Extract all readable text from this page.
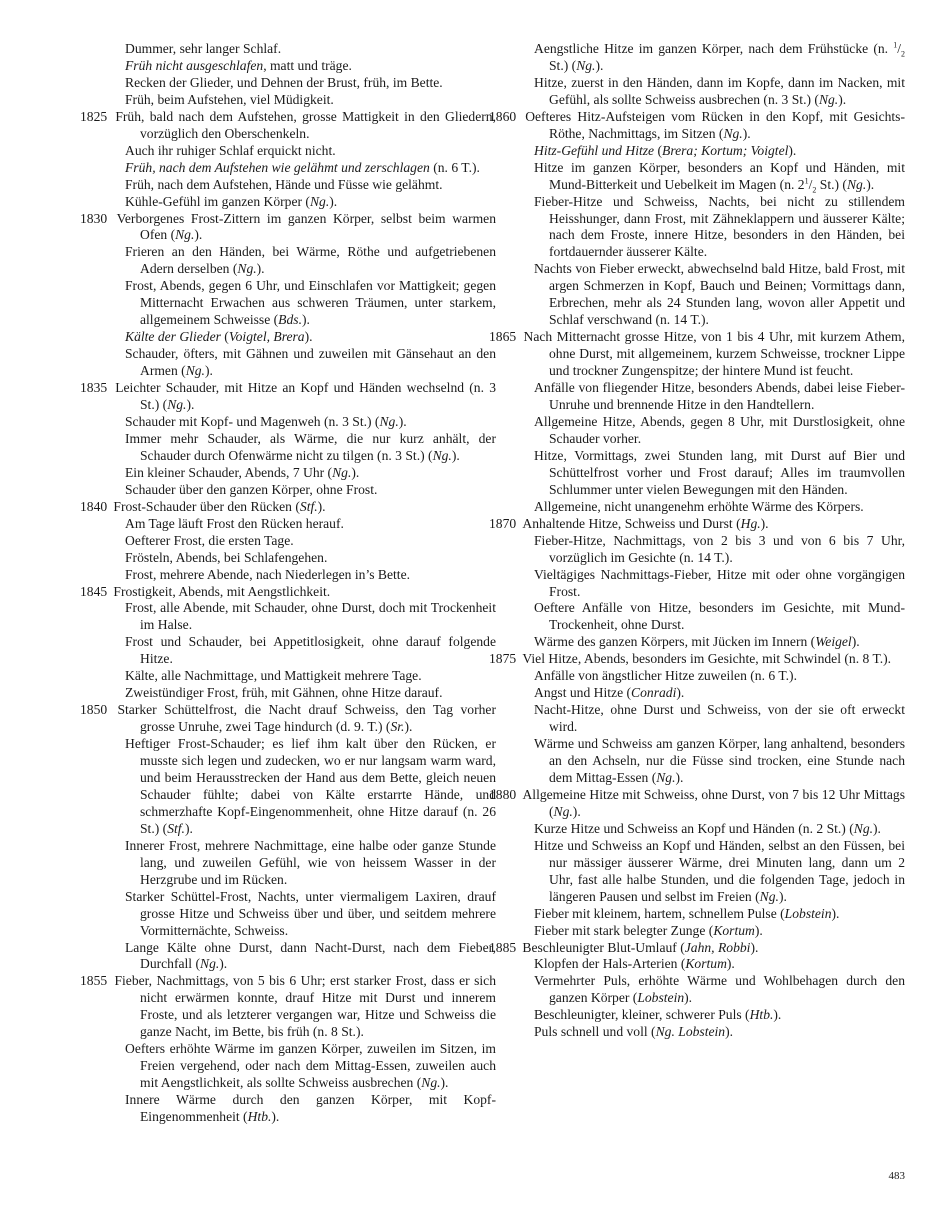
Dummer, sehr langer Schlaf.
Früh nicht ausgeschlafen, matt und träge.
Recken der Glieder, und Dehnen der Brust, früh, im Bette.
Früh, beim Aufstehen, viel Müdigkeit.
1825 Früh, bald nach dem Aufstehen, grosse Mattigkeit in den Gliedern, vorzüglich den Oberschenkeln.
Auch ihr ruhiger Schlaf erquickt nicht.
Früh, nach dem Aufstehen wie gelähmt und zerschlagen (n. 6 T.).
Früh, nach dem Aufstehen, Hände und Füsse wie gelähmt.
Kühle-Gefühl im ganzen Körper (Ng.).
1830 Verborgenes Frost-Zittern im ganzen Körper, selbst beim warmen Ofen (Ng.).
Frieren an den Händen, bei Wärme, Röthe und aufgetriebenen Adern derselben (Ng.).
Frost, Abends, gegen 6 Uhr, und Einschlafen vor Mattigkeit; gegen Mitternacht Erwachen aus schweren Träumen, unter starkem, allgemeinem Schweisse (Bds.).
Kälte der Glieder (Voigtel, Brera).
Schauder, öfters, mit Gähnen und zuweilen mit Gänsehaut an den Armen (Ng.).
1835 Leichter Schauder, mit Hitze an Kopf und Händen wechselnd (n. 3 St.) (Ng.).
Schauder mit Kopf- und Magenweh (n. 3 St.) (Ng.).
Immer mehr Schauder, als Wärme, die nur kurz anhält, der Schauder durch Ofenwärme nicht zu tilgen (n. 3 St.) (Ng.).
Ein kleiner Schauder, Abends, 7 Uhr (Ng.).
Schauder über den ganzen Körper, ohne Frost.
1840 Frost-Schauder über den Rücken (Stf.).
Am Tage läuft Frost den Rücken herauf.
Oefterer Frost, die ersten Tage.
Frösteln, Abends, bei Schlafengehen.
Frost, mehrere Abende, nach Niederlegen in’s Bette.
1845 Frostigkeit, Abends, mit Aengstlichkeit.
Frost, alle Abende, mit Schauder, ohne Durst, doch mit Trockenheit im Halse.
Frost und Schauder, bei Appetitlosigkeit, ohne darauf folgende Hitze.
Kälte, alle Nachmittage, und Mattigkeit mehrere Tage.
Zweistündiger Frost, früh, mit Gähnen, ohne Hitze darauf.
1850 Starker Schüttelfrost, die Nacht drauf Schweiss, den Tag vorher grosse Unruhe, zwei Tage hindurch (d. 9. T.) (Sr.).
Heftiger Frost-Schauder; es lief ihm kalt über den Rücken, er musste sich legen und zudecken, wo er nur langsam warm ward, und beim Herausstrecken der Hand aus dem Bette, gleich neuen Schauder fühlte; dabei von Kälte erstarrte Hände, und schmerzhafte Kopf-Eingenommenheit, ohne Hitze darauf (n. 26 St.) (Stf.).
Innerer Frost, mehrere Nachmittage, eine halbe oder ganze Stunde lang, und zuweilen Gefühl, wie von heissem Wasser in der Herzgrube und im Rücken.
Starker Schüttel-Frost, Nachts, unter viermaligem Laxiren, drauf grosse Hitze und Schweiss über und über, und seitdem mehrere Vormitternächte, Schweiss.
Lange Kälte ohne Durst, dann Nacht-Durst, nach dem Fieber, Durchfall (Ng.).
1855 Fieber, Nachmittags, von 5 bis 6 Uhr; erst starker Frost, dass er sich nicht erwärmen konnte, drauf Hitze mit Durst und innerem Froste, und als letzterer vergangen war, Hitze und Schweiss die ganze Nacht, im Bette, bis früh (n. 8 St.).
Oefters erhöhte Wärme im ganzen Körper, zuweilen im Sitzen, im Freien vergehend, oder nach dem Mittag-Essen, zuweilen auch mit Aengstlichkeit, als sollte Schweiss ausbrechen (Ng.).
Innere Wärme durch den ganzen Körper, mit Kopf-Eingenommenheit (Htb.).
Aengstliche Hitze im ganzen Körper, nach dem Frühstücke (n. $^1/_2$ St.) (Ng.).
Hitze, zuerst in den Händen, dann im Kopfe, dann im Nacken, mit Gefühl, als sollte Schweiss ausbrechen (n. 3 St.) (Ng.).
1860 Oefteres Hitz-Aufsteigen vom Rücken in den Kopf, mit Gesichts-Röthe, Nachmittags, im Sitzen (Ng.).
Hitz-Gefühl und Hitze (Brera; Kortum; Voigtel).
Hitze im ganzen Körper, besonders an Kopf und Händen, mit Mund-Bitterkeit und Uebelkeit im Magen (n. $2^1/_2$ St.) (Ng.).
Fieber-Hitze und Schweiss, Nachts, bei nicht zu stillendem Heisshunger, dann Frost, mit Zähneklappern und äusserer Kälte; nach dem Froste, innere Hitze, besonders in den Händen, bei fortdauernder äusserer Kälte.
Nachts von Fieber erweckt, abwechselnd bald Hitze, bald Frost, mit argen Schmerzen in Kopf, Bauch und Beinen; Vormittags dann, Erbrechen, mehr als 24 Stunden lang, wovon aller Appetit und Schlaf verschwand (n. 14 T.).
1865 Nach Mitternacht grosse Hitze, von 1 bis 4 Uhr, mit kurzem Athem, ohne Durst, mit allgemeinem, kurzem Schweisse, trockner Lippe und trockner Zungenspitze; der hintere Mund ist feucht.
Anfälle von fliegender Hitze, besonders Abends, dabei leise Fieber-Unruhe und brennende Hitze in den Handtellern.
Allgemeine Hitze, Abends, gegen 8 Uhr, mit Durstlosigkeit, ohne Schauder vorher.
Hitze, Vormittags, zwei Stunden lang, mit Durst auf Bier und Schüttelfrost vorher und Frost darauf; Alles im traumvollen Schlummer unter vielen Bewegungen mit den Händen.
Allgemeine, nicht unangenehm erhöhte Wärme des Körpers.
1870 Anhaltende Hitze, Schweiss und Durst (Hg.).
Fieber-Hitze, Nachmittags, von 2 bis 3 und von 6 bis 7 Uhr, vorzüglich im Gesichte (n. 14 T.).
Vieltägiges Nachmittags-Fieber, Hitze mit oder ohne vorgängigen Frost.
Oeftere Anfälle von Hitze, besonders im Gesichte, mit Mund-Trockenheit, ohne Durst.
Wärme des ganzen Körpers, mit Jücken im Innern (Weigel).
1875 Viel Hitze, Abends, besonders im Gesichte, mit Schwindel (n. 8 T.).
Anfälle von ängstlicher Hitze zuweilen (n. 6 T.).
Angst und Hitze (Conradi).
Nacht-Hitze, ohne Durst und Schweiss, von der sie oft erweckt wird.
Wärme und Schweiss am ganzen Körper, lang anhaltend, besonders an den Achseln, nur die Füsse sind trocken, eine Stunde nach dem Mittag-Essen (Ng.).
1880 Allgemeine Hitze mit Schweiss, ohne Durst, von 7 bis 12 Uhr Mittags (Ng.).
Kurze Hitze und Schweiss an Kopf und Händen (n. 2 St.) (Ng.).
Hitze und Schweiss an Kopf und Händen, selbst an den Füssen, bei nur mässiger äusserer Wärme, drei Minuten lang, dann um 2 Uhr, fast alle halbe Stunden, und die folgenden Tage, jedoch in längeren Pausen und selbst im Freien (Ng.).
Fieber mit kleinem, hartem, schnellem Pulse (Lobstein).
Fieber mit stark belegter Zunge (Kortum).
1885 Beschleunigter Blut-Umlauf (Jahn, Robbi).
Klopfen der Hals-Arterien (Kortum).
Vermehrter Puls, erhöhte Wärme und Wohlbehagen durch den ganzen Körper (Lobstein).
Beschleunigter, kleiner, schwerer Puls (Htb.).
Puls schnell und voll (Ng. Lobstein).
483
